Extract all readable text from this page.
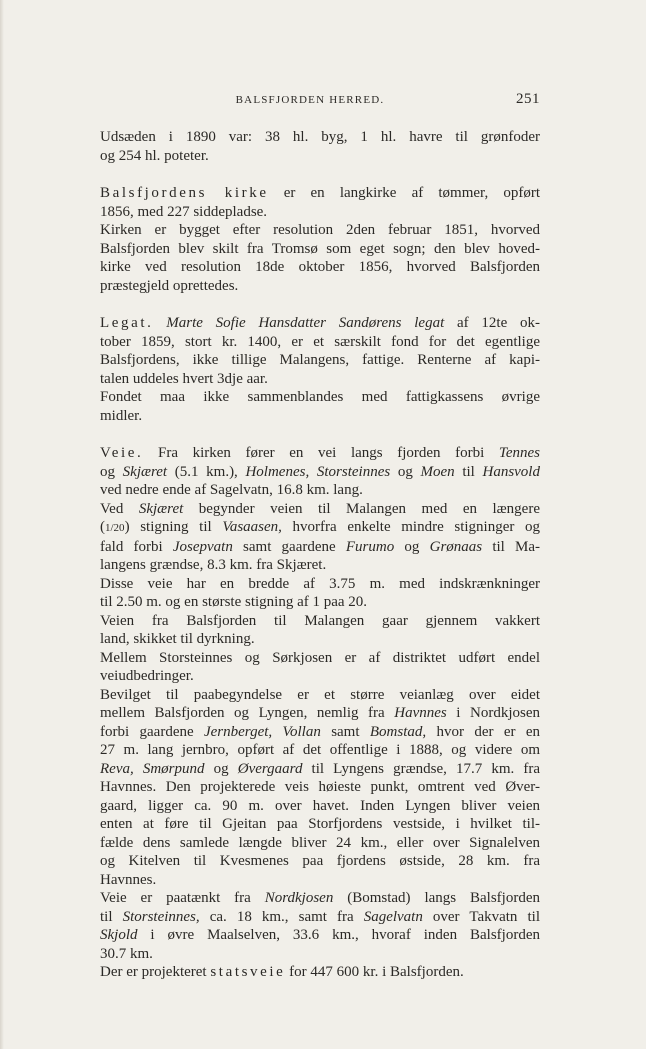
BALSFJORDEN HERRED.	251
Udsæden i 1890 var: 38 hl. byg, 1 hl. havre til grønfoder
og 254 hl. poteter.
Balsfjordens kirke er en langkirke af tømmer, opført
1856, med 227 siddepladse.
Kirken er bygget efter resolution 2den februar 1851, hvorved
Balsfjorden blev skilt fra Tromsø som eget sogn; den blev hoved-
kirke ved resolution 18de oktober 1856, hvorved Balsfjorden
præstegjeld oprettedes.
Legat. Marte Sofie Hansdatter Sandørens legat af 12te ok-
tober 1859, stort kr. 1400, er et særskilt fond for det egentlige
Balsfjordens, ikke tillige Malangens, fattige. Renterne af kapi-
talen uddeles hvert 3dje aar.
Fondet maa ikke sammenblandes med fattigkassens øvrige
midler.
Veie. Fra kirken fører en vei langs fjorden forbi Tennes
og Skjæret (5.1 km.), Holmenes, Storsteinnes og Moen til Hansvold
ved nedre ende af Sagelvatn, 16.8 km. lang.
Ved Skjæret begynder veien til Malangen med en længere
(1/20) stigning til Vasaasen, hvorfra enkelte mindre stigninger og
fald forbi Josepvatn samt gaardene Furumo og Grønaas til Ma-
langens grændse, 8.3 km. fra Skjæret.
Disse veie har en bredde af 3.75 m. med indskrænkninger
til 2.50 m. og en største stigning af 1 paa 20.
Veien fra Balsfjorden til Malangen gaar gjennem vakkert
land, skikket til dyrkning.
Mellem Storsteinnes og Sørkjosen er af distriktet udført endel
veiudbedringer.
Bevilget til paabegyndelse er et større veianlæg over eidet
mellem Balsfjorden og Lyngen, nemlig fra Havnnes i Nordkjosen
forbi gaardene Jernberget, Vollan samt Bomstad, hvor der er en
27 m. lang jernbro, opført af det offentlige i 1888, og videre om
Reva, Smørpund og Øvergaard til Lyngens grændse, 17.7 km. fra
Havnnes. Den projekterede veis høieste punkt, omtrent ved Øver-
gaard, ligger ca. 90 m. over havet. Inden Lyngen bliver veien
enten at føre til Gjeitan paa Storfjordens vestside, i hvilket til-
fælde dens samlede længde bliver 24 km., eller over Signalelven
og Kitelven til Kvesmenes paa fjordens østside, 28 km. fra
Havnnes.
Veie er paatænkt fra Nordkjosen (Bomstad) langs Balsfjorden
til Storsteinnes, ca. 18 km., samt fra Sagelvatn over Takvatn til
Skjold i øvre Maalselven, 33.6 km., hvoraf inden Balsfjorden
30.7 km.
Der er projekteret statsveie for 447 600 kr. i Balsfjorden.
